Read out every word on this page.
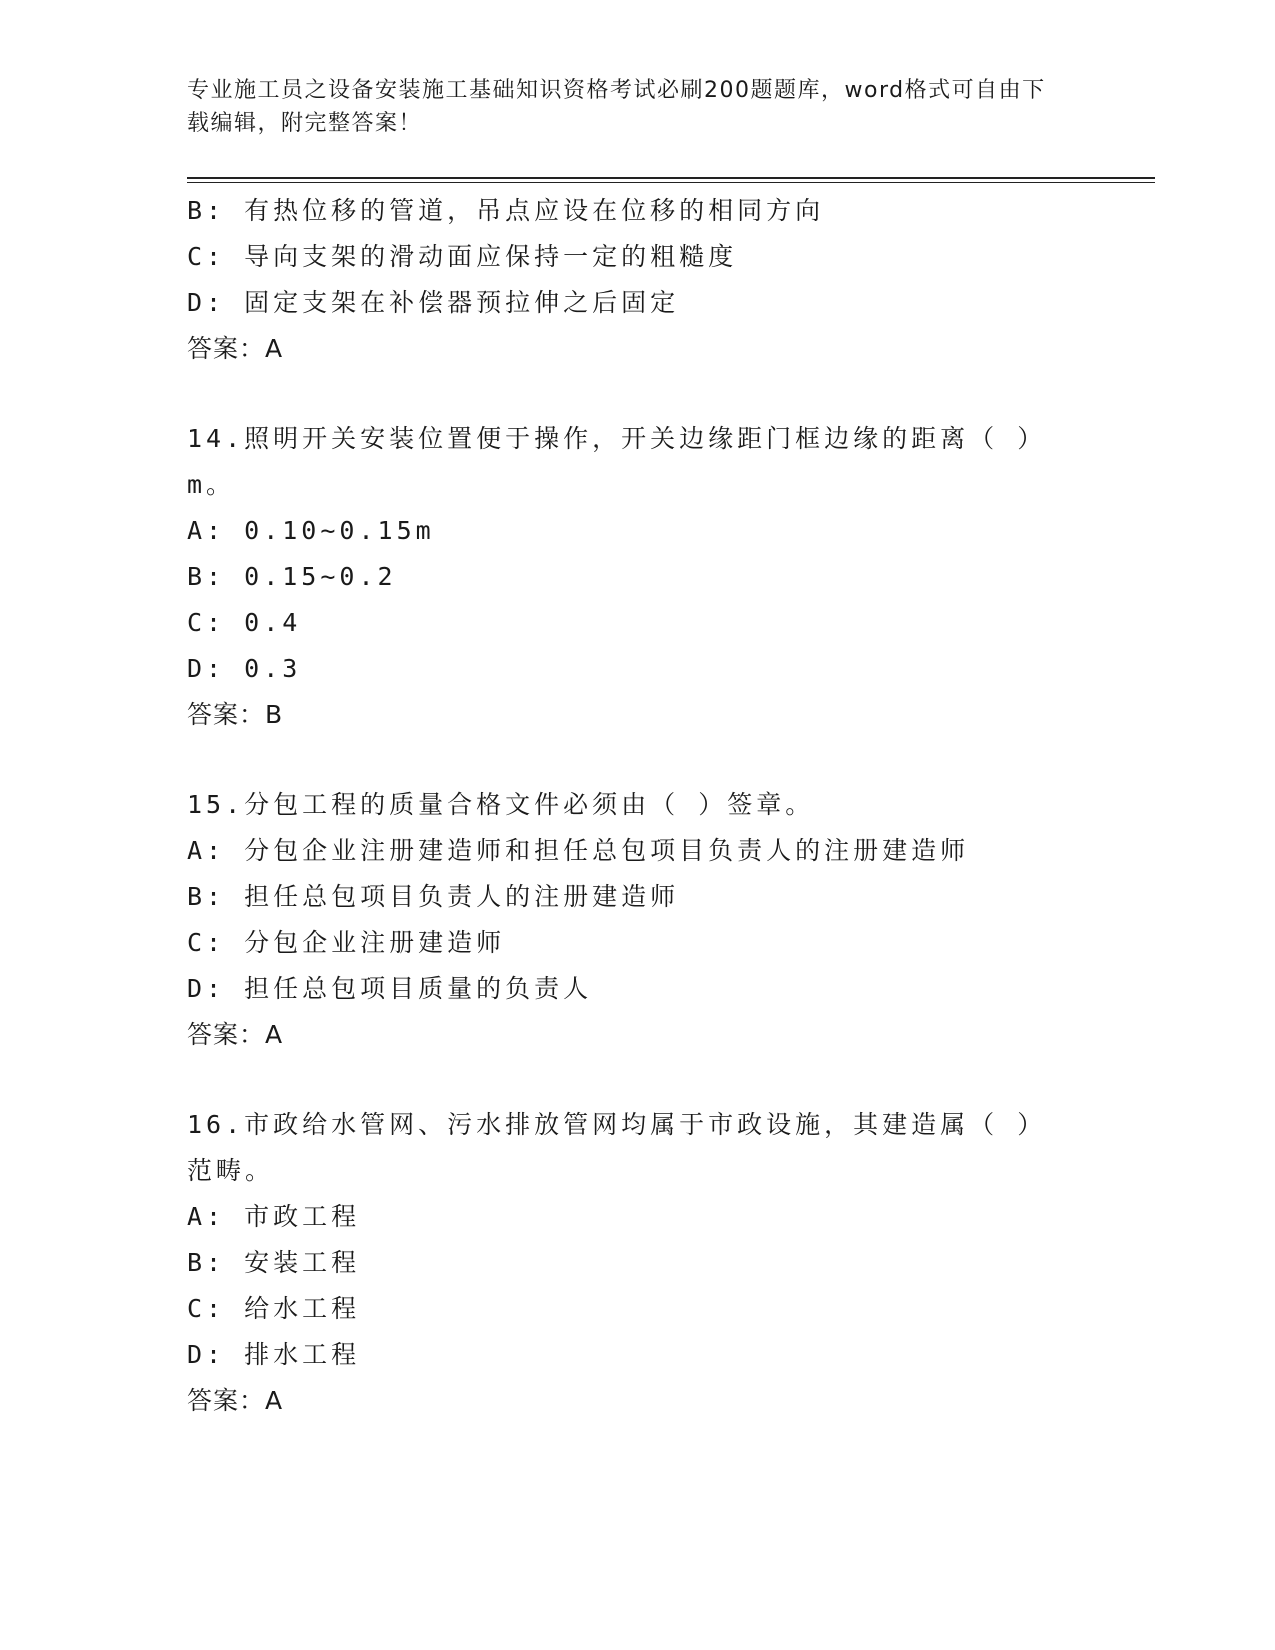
专业施工员之设备安装施工基础知识资格考试必刷200题题库，word格式可自由下载编辑，附完整答案！
B: 有热位移的管道，吊点应设在位移的相同方向
C: 导向支架的滑动面应保持一定的粗糙度
D: 固定支架在补偿器预拉伸之后固定
答案：A
14.照明开关安装位置便于操作，开关边缘距门框边缘的距离（ ）m。
A: 0.10~0.15m
B: 0.15~0.2
C: 0.4
D: 0.3
答案：B
15.分包工程的质量合格文件必须由（ ）签章。
A: 分包企业注册建造师和担任总包项目负责人的注册建造师
B: 担任总包项目负责人的注册建造师
C: 分包企业注册建造师
D: 担任总包项目质量的负责人
答案：A
16.市政给水管网、污水排放管网均属于市政设施，其建造属（ ）范畴。
A: 市政工程
B: 安装工程
C: 给水工程
D: 排水工程
答案：A
